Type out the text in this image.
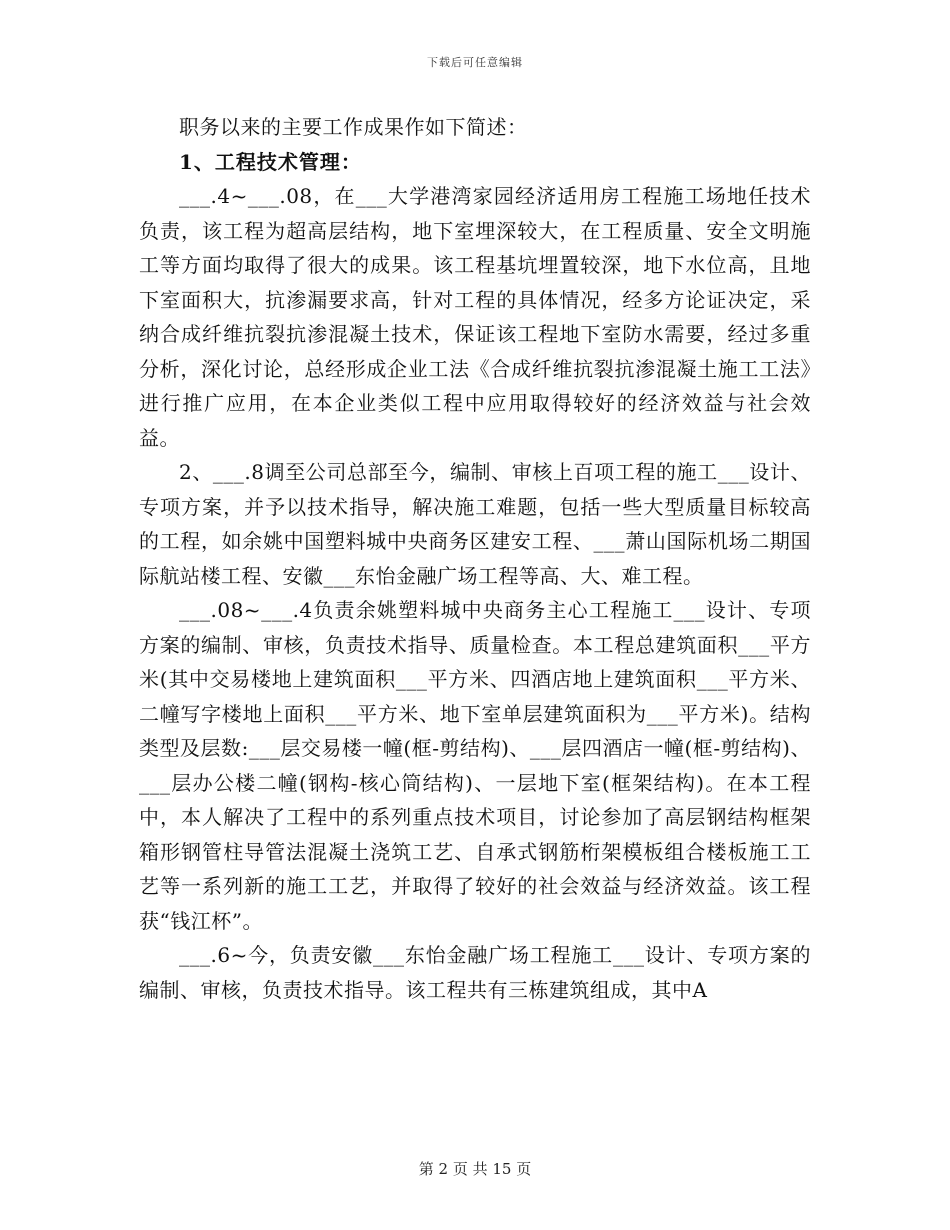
下载后可任意编辑

职务以来的主要工作成果作如下简述：

1、工程技术管理：

___.4~___.08，在___大学港湾家园经济适用房工程施工场地任技术负责，该工程为超高层结构，地下室埋深较大，在工程质量、安全文明施工等方面均取得了很大的成果。该工程基坑埋置较深，地下水位高，且地下室面积大，抗渗漏要求高，针对工程的具体情况，经多方论证决定，采纳合成纤维抗裂抗渗混凝土技术，保证该工程地下室防水需要，经过多重分析，深化讨论，总经形成企业工法《合成纤维抗裂抗渗混凝土施工工法》进行推广应用，在本企业类似工程中应用取得较好的经济效益与社会效益。

2、___.8调至公司总部至今，编制、审核上百项工程的施工___设计、专项方案，并予以技术指导，解决施工难题，包括一些大型质量目标较高的工程，如余姚中国塑料城中央商务区建安工程、___萧山国际机场二期国际航站楼工程、安徽___东怡金融广场工程等高、大、难工程。

___.08~___.4负责余姚塑料城中央商务主心工程施工___设计、专项方案的编制、审核，负责技术指导、质量检查。本工程总建筑面积___平方米(其中交易楼地上建筑面积___平方米、四酒店地上建筑面积___平方米、二幢写字楼地上面积___平方米、地下室单层建筑面积为___平方米)。结构类型及层数:___层交易楼一幢(框-剪结构)、___层四酒店一幢(框-剪结构)、___层办公楼二幢(钢构-核心筒结构)、一层地下室(框架结构)。在本工程中，本人解决了工程中的系列重点技术项目，讨论参加了高层钢结构框架箱形钢管柱导管法混凝土浇筑工艺、自承式钢筋桁架模板组合楼板施工工艺等一系列新的施工工艺，并取得了较好的社会效益与经济效益。该工程获“钱江杯”。

___.6~今，负责安徽___东怡金融广场工程施工___设计、专项方案的编制、审核，负责技术指导。该工程共有三栋建筑组成，其中A

第 2 页 共 15 页
